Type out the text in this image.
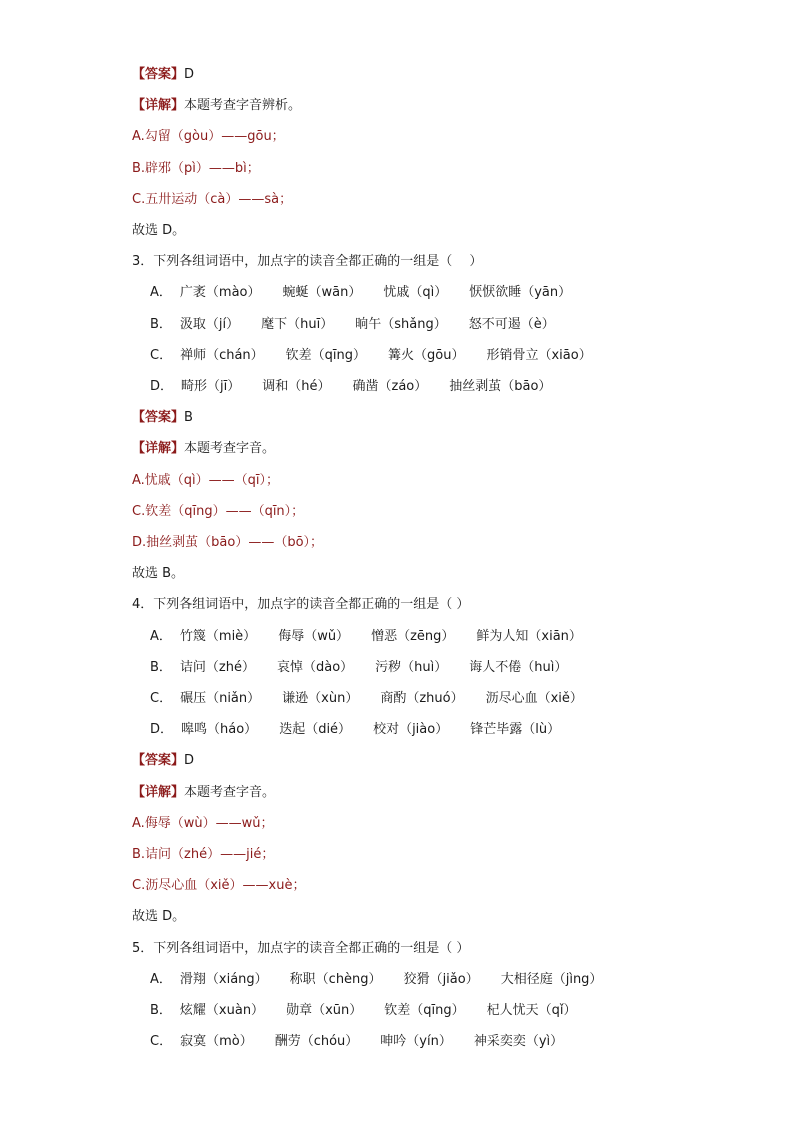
【答案】D
【详解】本题考查字音辨析。
A.勾留（gòu）——gōu；
B.辟邪（pì）——bì；
C.五卅运动（cà）——sà；
故选 D。
3．下列各组词语中，加点字的读音全都正确的一组是（　 ）
A． 广袤（mào） 蜿蜒（wān） 忧戚（qì） 恹恹欲睡（yān）
B． 汲取（jí） 麾下（huī） 晌午（shǎng） 怒不可遏（è）
C． 禅师（chán） 钦差（qīng） 篝火（gōu） 形销骨立（xiāo）
D． 畸形（jī） 调和（hé） 确凿（záo） 抽丝剥茧（bāo）
【答案】B
【详解】本题考查字音。
A.忧戚（qì）——（qī）；
C.钦差（qīng）——（qīn）；
D.抽丝剥茧（bāo）——（bō）；
故选 B。
4．下列各组词语中，加点字的读音全都正确的一组是（ ）
A． 竹篾（miè） 侮辱（wǔ） 憎恶（zēng） 鲜为人知（xiān）
B． 诘问（zhé） 哀悼（dào） 污秽（huì） 诲人不倦（huì）
C． 碾压（niǎn） 谦逊（xùn） 商酌（zhuó） 沥尽心血（xiě）
D． 嗥鸣（háo） 迭起（dié） 校对（jiào） 锋芒毕露（lù）
【答案】D
【详解】本题考查字音。
A.侮辱（wù）——wǔ；
B.诘问（zhé）——jié；
C.沥尽心血（xiě）——xuè；
故选 D。
5．下列各组词语中，加点字的读音全都正确的一组是（ ）
A． 滑翔（xiáng） 称职（chèng） 狡猾（jiǎo） 大相径庭（jìng）
B． 炫耀（xuàn） 勋章（xūn） 钦差（qīng） 杞人忧天（qǐ）
C． 寂寞（mò） 酬劳（chóu） 呻吟（yín） 神采奕奕（yì）
